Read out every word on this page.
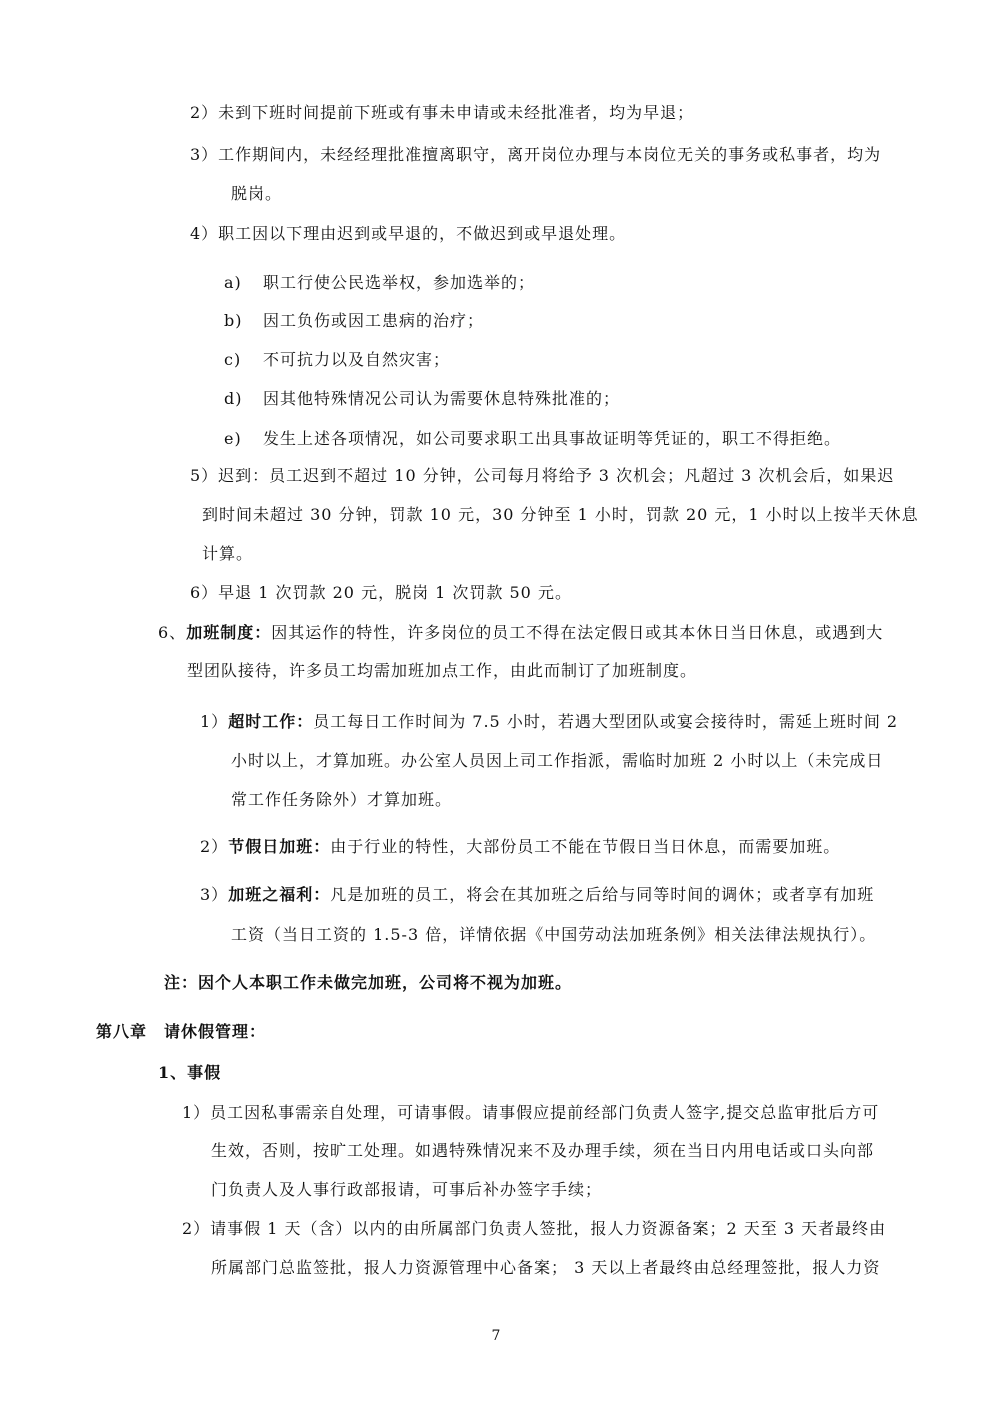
2）未到下班时间提前下班或有事未申请或未经批准者，均为早退；
3）工作期间内，未经经理批准擅离职守，离开岗位办理与本岗位无关的事务或私事者，均为
脱岗。
4）职工因以下理由迟到或早退的，不做迟到或早退处理。
a) 职工行使公民选举权，参加选举的；
b) 因工负伤或因工患病的治疗；
c) 不可抗力以及自然灾害；
d) 因其他特殊情况公司认为需要休息特殊批准的；
e) 发生上述各项情况，如公司要求职工出具事故证明等凭证的，职工不得拒绝。
5）迟到：员工迟到不超过 10 分钟，公司每月将给予 3 次机会；凡超过 3 次机会后，如果迟
到时间未超过 30 分钟，罚款 10 元，30 分钟至 1 小时，罚款 20 元，1 小时以上按半天休息
计算。
6）早退 1 次罚款 20 元，脱岗 1 次罚款 50 元。
6、加班制度：因其运作的特性，许多岗位的员工不得在法定假日或其本休日当日休息，或遇到大
型团队接待，许多员工均需加班加点工作，由此而制订了加班制度。
1）超时工作：员工每日工作时间为 7.5 小时，若遇大型团队或宴会接待时，需延上班时间 2
小时以上，才算加班。办公室人员因上司工作指派，需临时加班 2 小时以上（未完成日
常工作任务除外）才算加班。
2）节假日加班：由于行业的特性，大部份员工不能在节假日当日休息，而需要加班。
3）加班之福利：凡是加班的员工，将会在其加班之后给与同等时间的调休；或者享有加班
工资（当日工资的 1.5-3 倍，详情依据《中国劳动法加班条例》相关法律法规执行）。
注：因个人本职工作未做完加班，公司将不视为加班。
第八章　请休假管理：
1、事假
1）员工因私事需亲自处理，可请事假。请事假应提前经部门负责人签字,提交总监审批后方可
生效，否则，按旷工处理。如遇特殊情况来不及办理手续，须在当日内用电话或口头向部
门负责人及人事行政部报请，可事后补办签字手续；
2）请事假 1 天（含）以内的由所属部门负责人签批，报人力资源备案；2 天至 3 天者最终由
所属部门总监签批，报人力资源管理中心备案； 3 天以上者最终由总经理签批，报人力资
7
